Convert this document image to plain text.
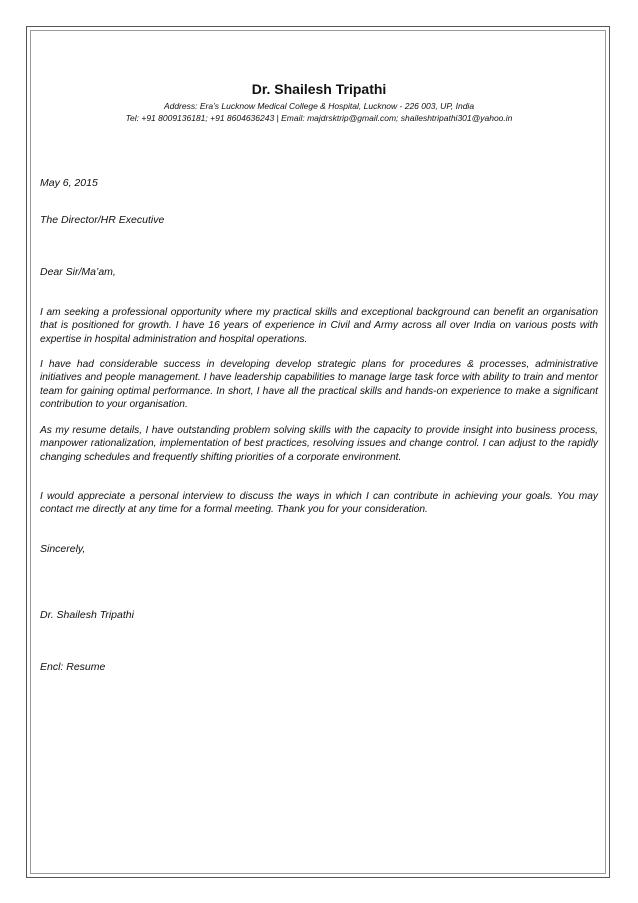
Dr. Shailesh Tripathi

Address: Era’s Lucknow Medical College & Hospital, Lucknow - 226 003, UP, India

Tel: +91 8009136181; +91 8604636243 | Email: majdrsktrip@gmail.com; shaileshtripathi301@yahoo.in

May 6, 2015
The Director/HR Executive
Dear Sir/Ma’am,

I am seeking a professional opportunity where my practical skills and exceptional background can benefit an organisation that is positioned for growth. I have 16 years of experience in Civil and Army across all over India on various posts with expertise in hospital administration and hospital operations.

I have had considerable success in developing develop strategic plans for procedures & processes, administrative initiatives and people management. I have leadership capabilities to manage large task force with ability to train and mentor team for gaining optimal performance. In short, I have all the practical skills and hands-on experience to make a significant contribution to your organisation.

As my resume details, I have outstanding problem solving skills with the capacity to provide insight into business process, manpower rationalization, implementation of best practices, resolving issues and change control. I can adjust to the rapidly changing schedules and frequently shifting priorities of a corporate environment.

I would appreciate a personal interview to discuss the ways in which I can contribute in achieving your goals. You may contact me directly at any time for a formal meeting. Thank you for your consideration.

Sincerely,
Dr. Shailesh Tripathi
Encl: Resume
